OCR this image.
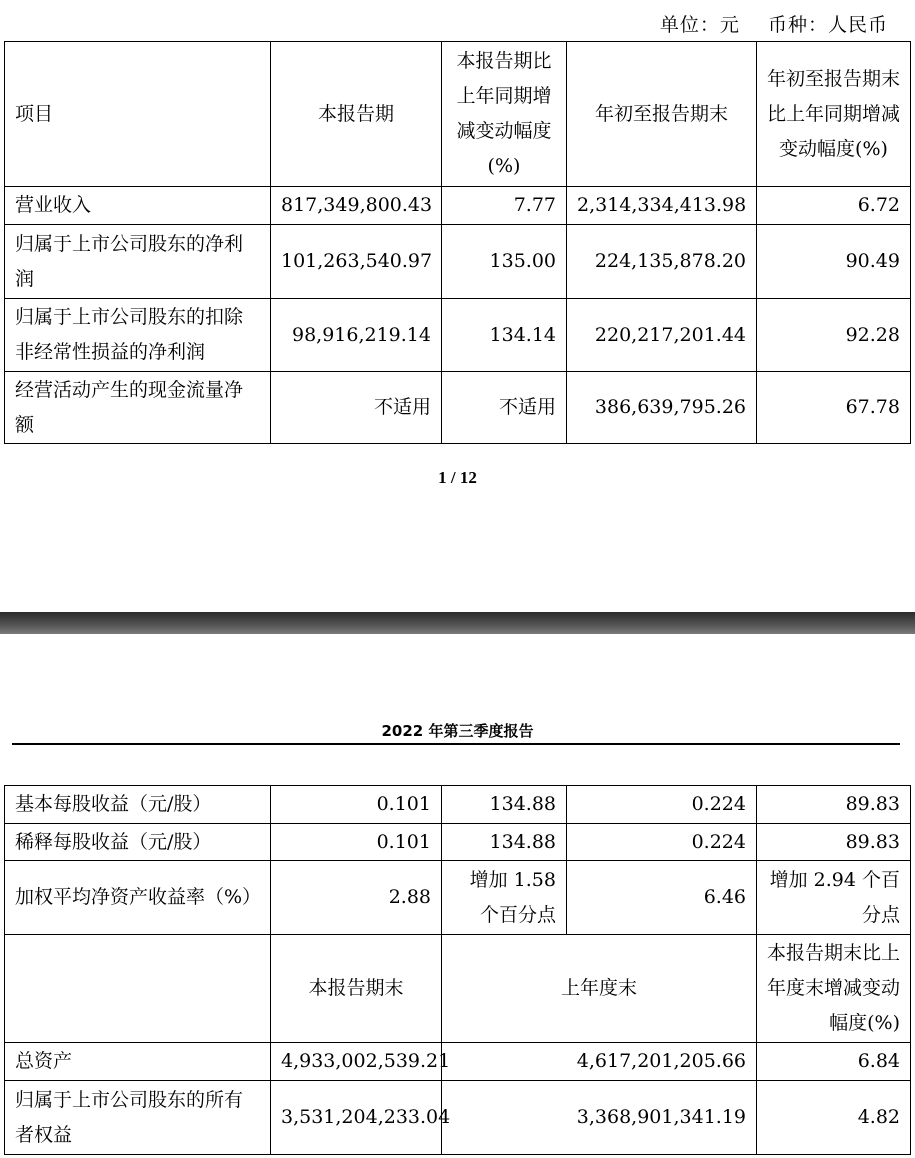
单位：元    币种：人民币
项目	本报告期	本报告期比上年同期增减变动幅度(%)	年初至报告期末	年初至报告期末比上年同期增减变动幅度(%)
营业收入	817,349,800.43	7.77	2,314,334,413.98	6.72
归属于上市公司股东的净利润	101,263,540.97	135.00	224,135,878.20	90.49
归属于上市公司股东的扣除非经常性损益的净利润	98,916,219.14	134.14	220,217,201.44	92.28
经营活动产生的现金流量净额	不适用	不适用	386,639,795.26	67.78
1 / 12
2022 年第三季度报告
基本每股收益（元/股）	0.101	134.88	0.224	89.83
稀释每股收益（元/股）	0.101	134.88	0.224	89.83
加权平均净资产收益率（%）	2.88	增加 1.58 个百分点	6.46	增加 2.94 个百分点
	本报告期末	上年度末		本报告期末比上年度末增减变动幅度(%)
总资产	4,933,002,539.21	4,617,201,205.66		6.84
归属于上市公司股东的所有者权益	3,531,204,233.04	3,368,901,341.19		4.82
